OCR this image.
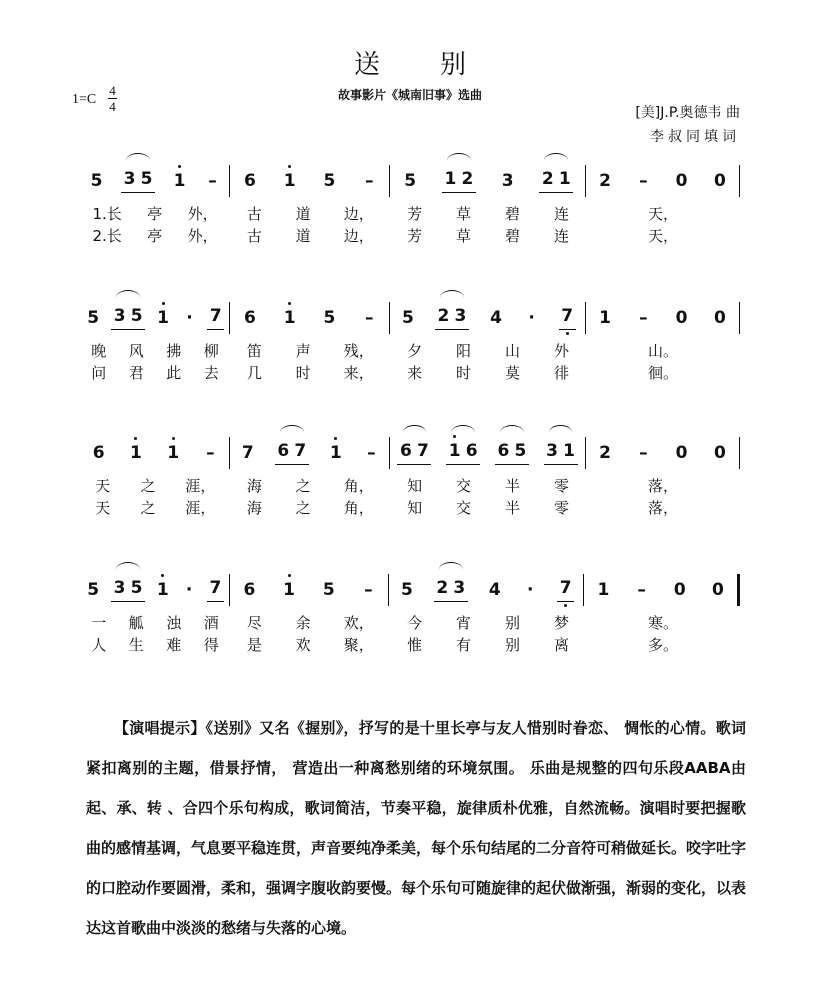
送别
故事影片《城南旧事》选曲
1=C
4
4	[美]J.P.奥德韦 曲
李叔同填词
5 3 5 1 – 6 1 5 – 5 1 2 3 2 1 2 – 0 0
1.长 亭 外， 古 道 边， 芳 草 碧 连	天，
2.长 亭 外， 古 道 边， 芳 草 碧 连	天，
5 3 5 1	·	7 6 1 5 – 5 2 3 4	·	7 1 – 0 0
晚 风 拂 柳 笛 声 残， 夕 阳 山 外	山。
问 君 此 去 几 时 来， 来 时 莫 徘	徊。
6 1 1 – 7 6 7 1 – 6 7 1 6 6 5 3 1 2 – 0 0
天 之 涯， 海 之 角， 知 交 半 零	落，
天 之 涯， 海 之 角， 知 交 半 零	落，
5 3 5 1	·	7 6 1 5 – 5 2 3 4	·	7 1 – 0 0
一 觚 浊 酒 尽 余 欢， 今 宵 别 梦	寒。
人 生 难 得 是 欢 聚， 惟 有 别 离	多。
【演唱提示】《送别》又名《握别》，抒写的是十里长亭与友人惜别时眷恋、 惆怅的心情。歌词紧扣离别的主题，借景抒情， 营造出一种离愁别绪的环境氛围。 乐曲是规整的四句乐段AABA由起、承、转 、合四个乐句构成，歌词简洁，节奏平稳，旋律质朴优雅，自然流畅。演唱时要把握歌曲的感情基调，气息要平稳连贯，声音要纯净柔美，每个乐句结尾的二分音符可稍做延长。咬字吐字的口腔动作要圆滑，柔和，强调字腹收韵要慢。每个乐句可随旋律的起伏做渐强，渐弱的变化，以表达这首歌曲中淡淡的愁绪与失落的心境。
